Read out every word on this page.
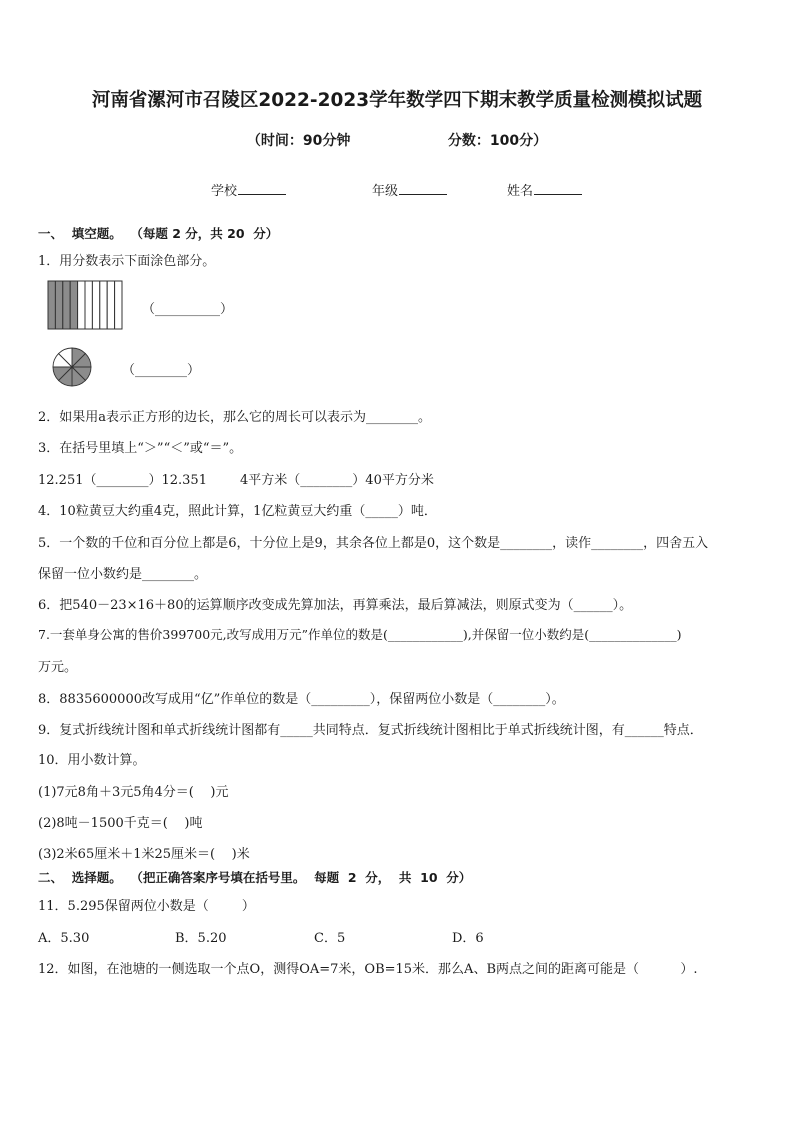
河南省漯河市召陵区2022-2023学年数学四下期末教学质量检测模拟试题
（时间：90分钟                    分数：100分）
学校	年级	姓名
一、  填空题。  （每题 2 分，共 20  分）
1．用分数表示下面涂色部分。
（__________）
（________）
2．如果用a表示正方形的边长，那么它的周长可以表示为________。
3．在括号里填上“＞”“＜”或“＝”。
12.251（________）12.351        4平方米（________）40平方分米
4．10粒黄豆大约重4克，照此计算，1亿粒黄豆大约重（_____）吨．
5．一个数的千位和百分位上都是6，十分位上是9，其余各位上都是0，这个数是________，读作________，四舍五入
保留一位小数约是________。
6．把540－23×16＋80的运算顺序改变成先算加法，再算乘法，最后算减法，则原式变为（______）。
7.一套单身公寓的售价399700元,改写成用万元”作单位的数是(____________),并保留一位小数约是(______________)
万元。
8．8835600000改写成用“亿”作单位的数是（_________），保留两位小数是（________）。
9．复式折线统计图和单式折线统计图都有_____共同特点．复式折线统计图相比于单式折线统计图，有______特点．
10．用小数计算。
(1)7元8角＋3元5角4分＝(    )元
(2)8吨－1500千克＝(    )吨
(3)2米65厘米＋1米25厘米＝(    )米
二、  选择题。  （把正确答案序号填在括号里。  每题  2  分，  共  10  分）
11．5.295保留两位小数是（        ）
A．5.30	B．5.20	C．5	D．6
12．如图，在池塘的一侧选取一个点O，测得OA=7米，OB=15米．那么A、B两点之间的距离可能是（          ）.
